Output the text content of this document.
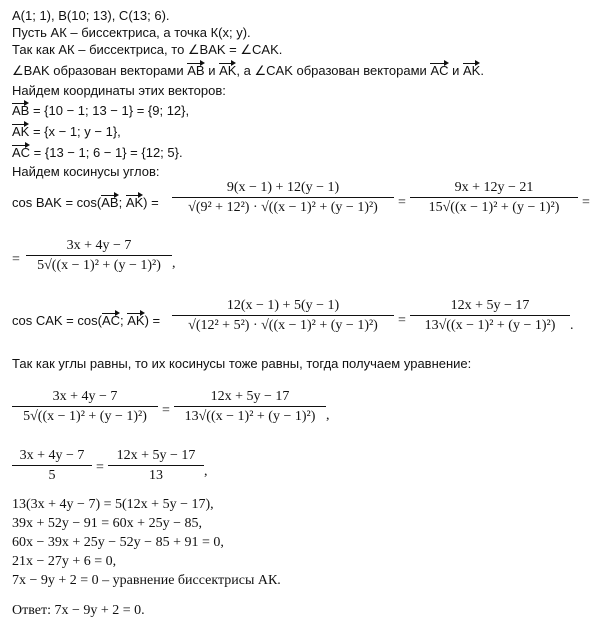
A(1; 1), B(10; 13), C(13; 6).
Пусть АК – биссектриса, а точка К(x; y).
Так как АК – биссектриса, то ∠BAK = ∠CAK.
∠BAK образован векторами AB и AK, а ∠CAK образован векторами AC и AK.
Найдем координаты этих векторов:
AB = {10 − 1; 13 − 1} = {9; 12},
AK = {x − 1; y − 1},
AC = {13 − 1; 6 − 1} = {12; 5}.
Найдем косинусы углов:
cos BAK = cos(AB; $AK) = \frac{9(x - 1) + 12(y - 1)}{\text{√(9² + 12²) · √((x − 1)² + (y − 1)²)}} = \frac{9x + 12y - 21}{\text{15√((x − 1)² + (y − 1)²)}}$ =
= $\frac{3x + 4y - 7}{\text{5√((x − 1)² + (y − 1)²)}}$ ,
cos CAK = cos(AC; $AK) = \frac{12(x - 1) + 5(y - 1)}{\text{√(12² + 5²) · √((x − 1)² + (y − 1)²)}} = \frac{12x + 5y - 17}{\text{13√((x − 1)² + (y − 1)²)}}$ .
Так как углы равны, то их косинусы тоже равны, тогда получаем уравнение:
$\frac{3x + 4y - 7}{\text{5√((x − 1)² + (y − 1)²)}} = \frac{12x + 5y - 17}{\text{13√((x − 1)² + (y − 1)²)}}$ ,
$\frac{3x + 4y - 7}{5} = \frac{12x + 5y - 17}{13}$ ,
13(3x + 4y − 7) = 5(12x + 5y − 17),
39x + 52y − 91 = 60x + 25y − 85,
60x − 39x + 25y − 52y − 85 + 91 = 0,
21x − 27y + 6 = 0,
7x − 9y + 2 = 0 – уравнение биссектрисы АК.
Ответ: 7x − 9y + 2 = 0.
